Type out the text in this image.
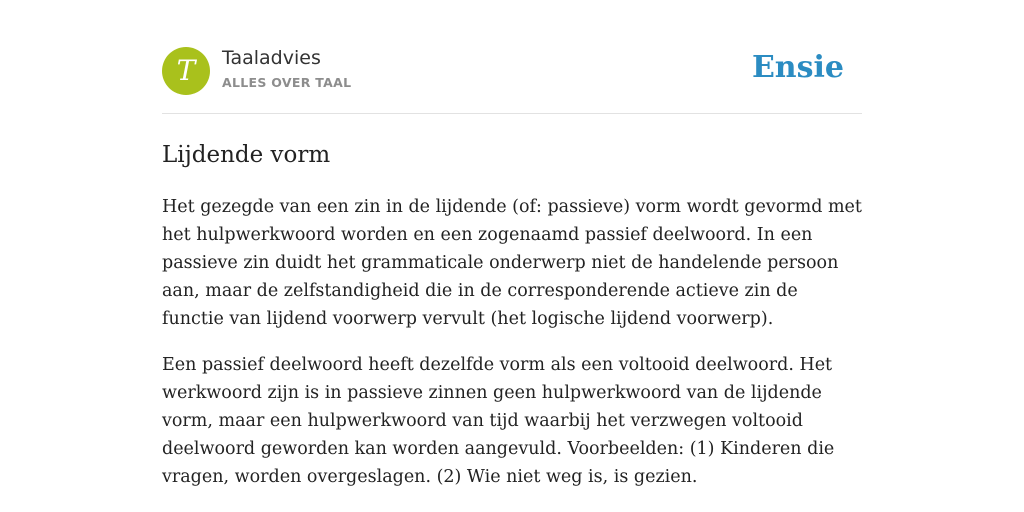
T Taaladvies
ALLES OVER TAAL	Ensie
Lijdende vorm

Het gezegde van een zin in de lijdende (of: passieve) vorm wordt gevormd met het hulpwerkwoord worden en een zogenaamd passief deelwoord. In een passieve zin duidt het grammaticale onderwerp niet de handelende persoon aan, maar de zelfstandigheid die in de corresponderende actieve zin de functie van lijdend voorwerp vervult (het logische lijdend voorwerp).

Een passief deelwoord heeft dezelfde vorm als een voltooid deelwoord. Het werkwoord zijn is in passieve zinnen geen hulpwerkwoord van de lijdende vorm, maar een hulpwerkwoord van tijd waarbij het verzwegen voltooid deelwoord geworden kan worden aangevuld. Voorbeelden: (1) Kinderen die vragen, worden overgeslagen. (2) Wie niet weg is, is gezien.
